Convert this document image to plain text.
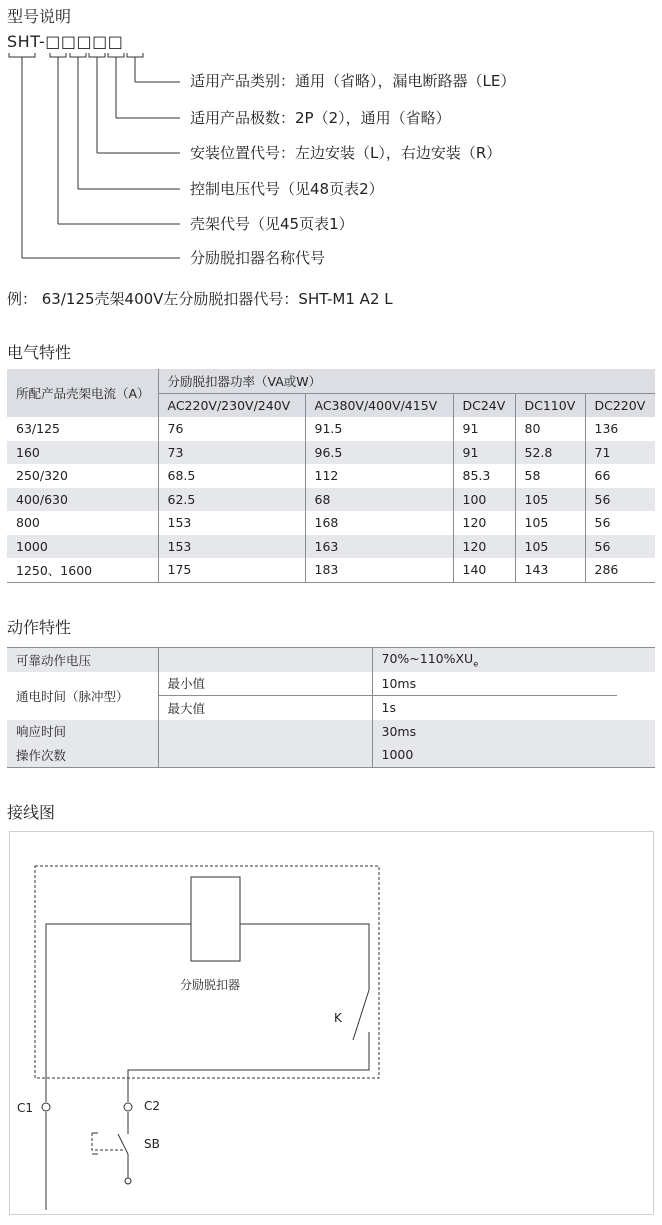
型号说明
SHT-□□□□□
适用产品类别：通用（省略），漏电断路器（LE）
适用产品极数：2P（2），通用（省略）
安装位置代号：左边安装（L），右边安装（R）
控制电压代号（见48页表2）
壳架代号（见45页表1）
分励脱扣器名称代号
例： 63/125壳架400V左分励脱扣器代号：SHT-M1 A2 L
电气特性
所配产品壳架电流（A）	分励脱扣器功率（VA或W）				
	AC220V/230V/240V	AC380V/400V/415V	DC24V	DC110V	DC220V
63/125	76	91.5	91	80	136
160	73	96.5	91	52.8	71
250/320	68.5	112	85.3	58	66
400/630	62.5	68	100	105	56
800	153	168	120	105	56
1000	153	163	120	105	56
1250、1600	175	183	140	143	286
动作特性
可靠动作电压		$70\%\sim 110\%XU_e$
通电时间（脉冲型）	最小值	10ms	
	最大值	1s	
响应时间		30ms	
操作次数		1000	
接线图
分励脱扣器
K
C1	C2
SB
